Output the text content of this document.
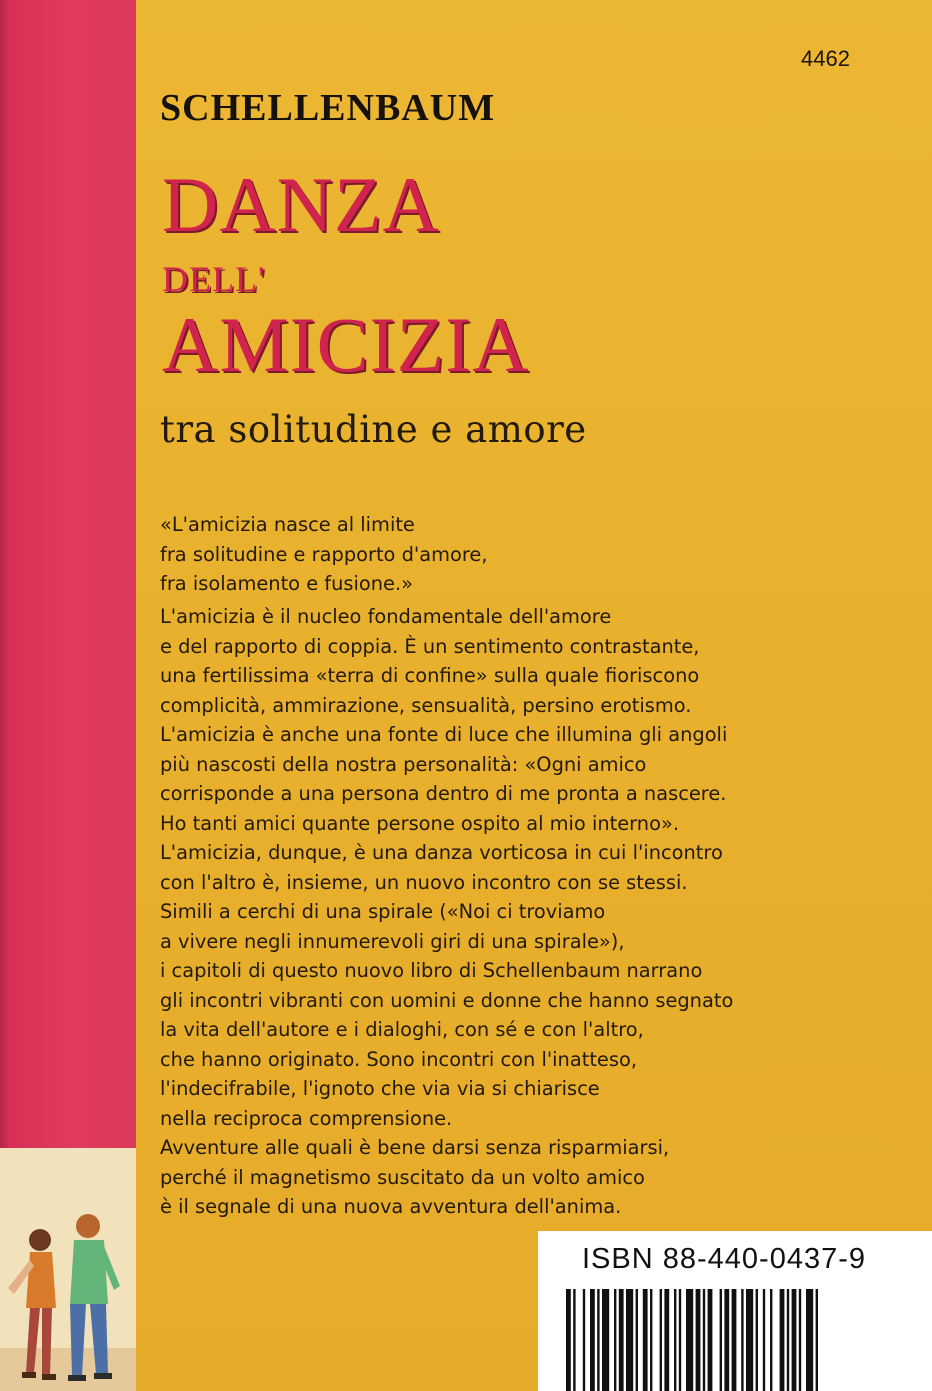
4462
SCHELLENBAUM
DANZA
DELL'
AMICIZIA
tra solitudine e amore
«L'amicizia nasce al limite
fra solitudine e rapporto d'amore,
fra isolamento e fusione.»
L'amicizia è il nucleo fondamentale dell'amore
e del rapporto di coppia. È un sentimento contrastante,
una fertilissima «terra di confine» sulla quale fioriscono
complicità, ammirazione, sensualità, persino erotismo.
L'amicizia è anche una fonte di luce che illumina gli angoli
più nascosti della nostra personalità: «Ogni amico
corrisponde a una persona dentro di me pronta a nascere.
Ho tanti amici quante persone ospito al mio interno».
L'amicizia, dunque, è una danza vorticosa in cui l'incontro
con l'altro è, insieme, un nuovo incontro con se stessi.
Simili a cerchi di una spirale («Noi ci troviamo
a vivere negli innumerevoli giri di una spirale»),
i capitoli di questo nuovo libro di Schellenbaum narrano
gli incontri vibranti con uomini e donne che hanno segnato
la vita dell'autore e i dialoghi, con sé e con l'altro,
che hanno originato. Sono incontri con l'inatteso,
l'indecifrabile, l'ignoto che via via si chiarisce
nella reciproca comprensione.
Avventure alle quali è bene darsi senza risparmiarsi,
perché il magnetismo suscitato da un volto amico
è il segnale di una nuova avventura dell'anima.
ISBN 88-440-0437-9
